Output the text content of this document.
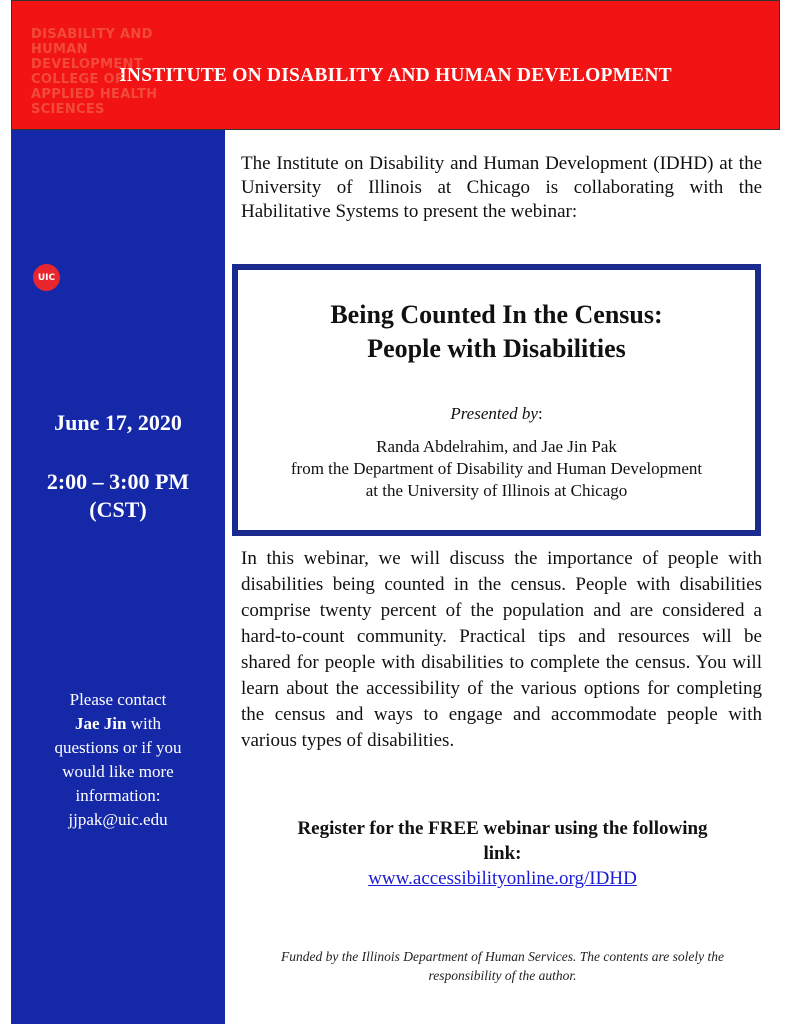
INSTITUTE ON DISABILITY AND HUMAN DEVELOPMENT
DISABILITY AND
HUMAN
DEVELOPMENT
COLLEGE OF
APPLIED HEALTH
SCIENCES
UIC
June 17, 2020
2:00 – 3:00 PM
(CST)
Please contact
Jae Jin with
questions or if you
would like more
information:
jjpak@uic.edu
The Institute on Disability and Human Development (IDHD) at the University of Illinois at Chicago is collaborating with the Habilitative Systems to present the webinar:
Being Counted In the Census:
People with Disabilities
Presented by:
Randa Abdelrahim, and Jae Jin Pak
from the Department of Disability and Human Development
at the University of Illinois at Chicago
In this webinar, we will discuss the importance of people with disabilities being counted in the census. People with disabilities comprise twenty percent of the population and are considered a hard-to-count community. Practical tips and resources will be shared for people with disabilities to complete the census. You will learn about the accessibility of the various options for completing the census and ways to engage and accommodate people with various types of disabilities.
Register for the FREE webinar using the following
link:
www.accessibilityonline.org/IDHD
Funded by the Illinois Department of Human Services. The contents are solely the
responsibility of the author.
